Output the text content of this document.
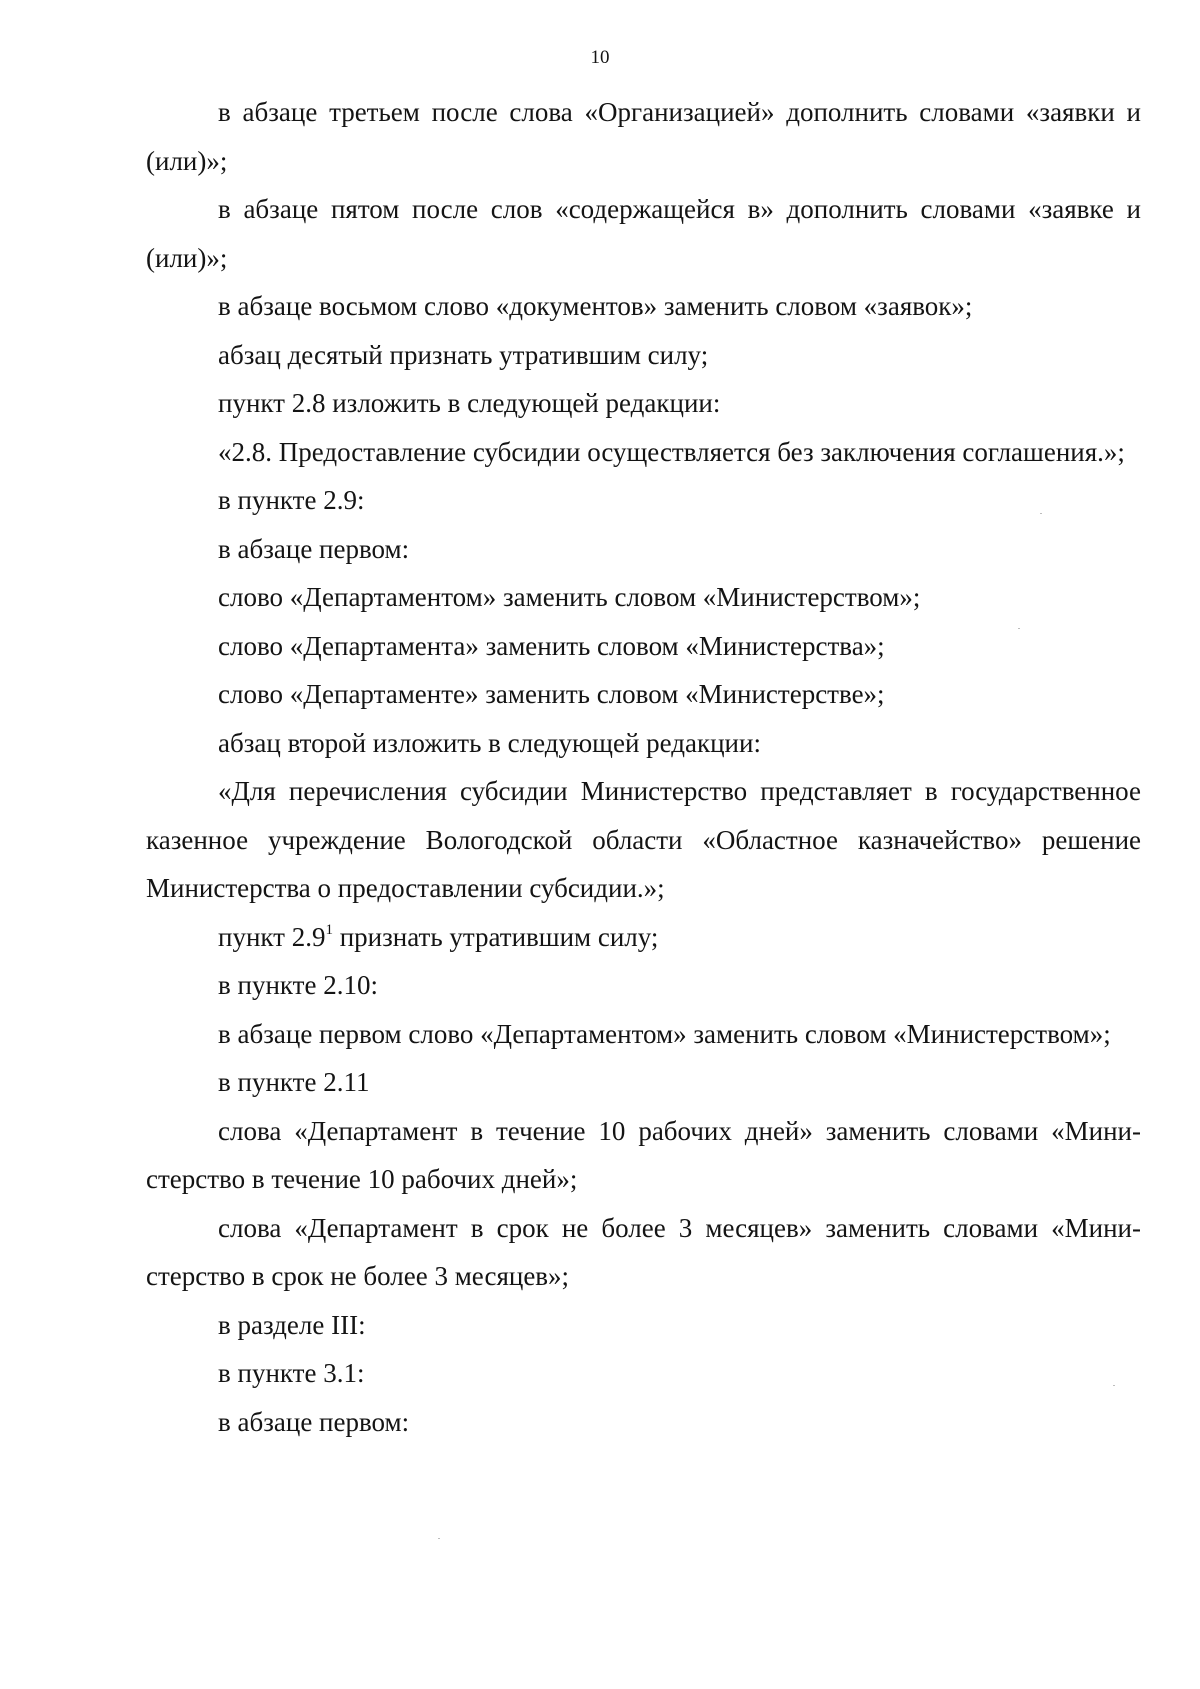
10

в абзаце третьем после слова «Организацией» дополнить словами «заявки и (или)»;

в абзаце пятом после слов «содержащейся в» дополнить словами «заявке и (или)»;

в абзаце восьмом слово «документов» заменить словом «заявок»;

абзац десятый признать утратившим силу;

пункт 2.8 изложить в следующей редакции:

«2.8. Предоставление субсидии осуществляется без заключения соглашения.»;

в пункте 2.9:

в абзаце первом:

слово «Департаментом» заменить словом «Министерством»;

слово «Департамента» заменить словом «Министерства»;

слово «Департаменте» заменить словом «Министерстве»;

абзац второй изложить в следующей редакции:

«Для перечисления субсидии Министерство представляет в государственное казенное учреждение Вологодской области «Областное казначейство» решение Министерства о предоставлении субсидии.»;

пункт $2.9^1$ признать утратившим силу;

в пункте 2.10:

в абзаце первом слово «Департаментом» заменить словом «Министерством»;

в пункте 2.11

слова «Департамент в течение 10 рабочих дней» заменить словами «Министерство в течение 10 рабочих дней»;

слова «Департамент в срок не более 3 месяцев» заменить словами «Министерство в срок не более 3 месяцев»;

в разделе III:

в пункте 3.1:

в абзаце первом:
